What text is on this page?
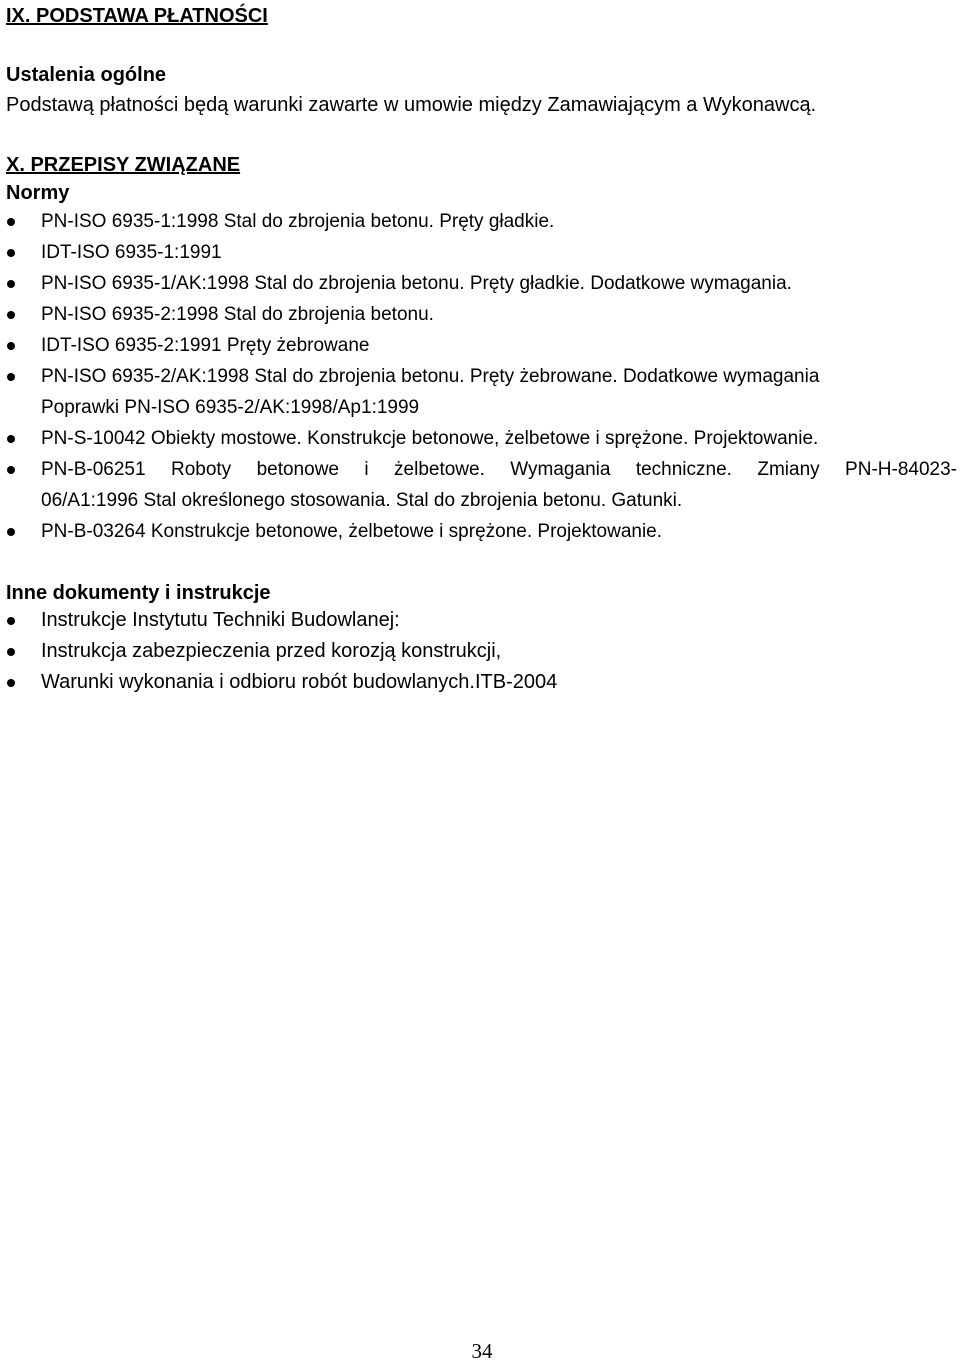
IX. PODSTAWA PŁATNOŚCI
Ustalenia ogólne
Podstawą płatności będą warunki zawarte w umowie między Zamawiającym a Wykonawcą.
X. PRZEPISY ZWIĄZANE
Normy
PN-ISO 6935-1:1998 Stal do zbrojenia betonu. Pręty gładkie.
IDT-ISO 6935-1:1991
PN-ISO 6935-1/AK:1998 Stal do zbrojenia betonu. Pręty gładkie. Dodatkowe wymagania.
PN-ISO 6935-2:1998 Stal do zbrojenia betonu.
IDT-ISO 6935-2:1991 Pręty żebrowane
PN-ISO 6935-2/AK:1998 Stal do zbrojenia betonu. Pręty żebrowane. Dodatkowe wymagania
Poprawki PN-ISO 6935-2/AK:1998/Ap1:1999
PN-S-10042 Obiekty mostowe. Konstrukcje betonowe, żelbetowe i sprężone. Projektowanie.
PN-B-06251 Roboty betonowe i żelbetowe. Wymagania techniczne. Zmiany PN-H-84023-
06/A1:1996 Stal określonego stosowania. Stal do zbrojenia betonu. Gatunki.
PN-B-03264 Konstrukcje betonowe, żelbetowe i sprężone. Projektowanie.
Inne dokumenty i instrukcje
Instrukcje Instytutu Techniki Budowlanej:
Instrukcja zabezpieczenia przed korozją konstrukcji,
Warunki wykonania i odbioru robót budowlanych.ITB-2004
34
